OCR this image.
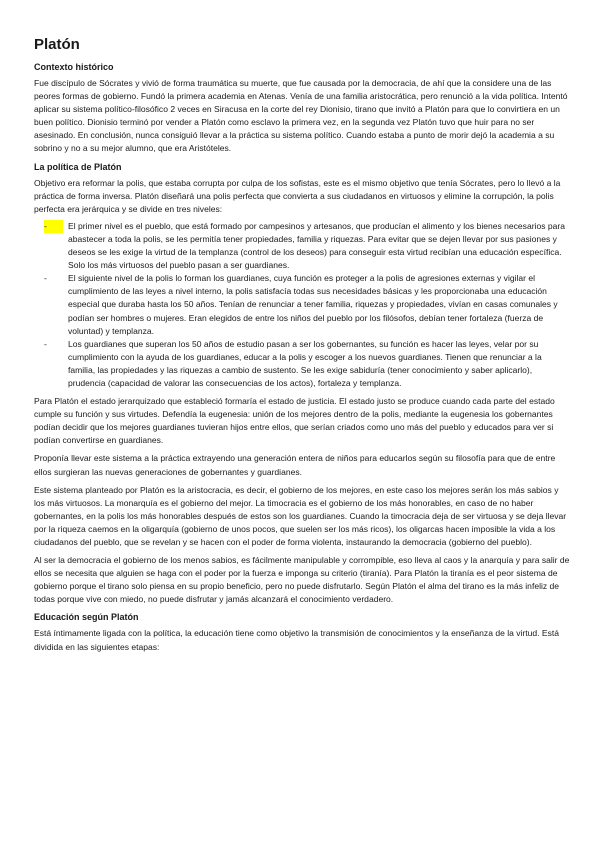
Platón
Contexto histórico

Fue discípulo de Sócrates y vivió de forma traumática su muerte, que fue causada por la democracia, de ahí que la considere una de las peores formas de gobierno. Fundó la primera academia en Atenas. Venía de una familia aristocrática, pero renunció a la vida política. Intentó aplicar su sistema político-filosófico 2 veces en Siracusa en la corte del rey Dionisio, tirano que invitó a Platón para que lo convirtiera en un buen político. Dionisio terminó por vender a Platón como esclavo la primera vez, en la segunda vez Platón tuvo que huir para no ser asesinado. En conclusión, nunca consiguió llevar a la práctica su sistema político. Cuando estaba a punto de morir dejó la academia a su sobrino y no a su mejor alumno, que era Aristóteles.

La política de Platón

Objetivo era reformar la polis, que estaba corrupta por culpa de los sofistas, este es el mismo objetivo que tenía Sócrates, pero lo llevó a la práctica de forma inversa. Platón diseñará una polis perfecta que convierta a sus ciudadanos en virtuosos y elimine la corrupción, la polis perfecta era jerárquica y se divide en tres niveles:

-	El primer nivel es el pueblo, que está formado por campesinos y artesanos, que producían el alimento y los bienes necesarios para abastecer a toda la polis, se les permitía tener propiedades, familia y riquezas. Para evitar que se dejen llevar por sus pasiones y deseos se les exige la virtud de la templanza (control de los deseos) para conseguir esta virtud recibían una educación específica. Solo los más virtuosos del pueblo pasan a ser guardianes.
-	El siguiente nivel de la polis lo forman los guardianes, cuya función es proteger a la polis de agresiones externas y vigilar el cumplimiento de las leyes a nivel interno, la polis satisfacía todas sus necesidades básicas y les proporcionaba una educación especial que duraba hasta los 50 años. Tenían de renunciar a tener familia, riquezas y propiedades, vivían en casas comunales y podían ser hombres o mujeres. Eran elegidos de entre los niños del pueblo por los filósofos, debían tener fortaleza (fuerza de voluntad) y templanza.
-	Los guardianes que superan los 50 años de estudio pasan a ser los gobernantes, su función es hacer las leyes, velar por su cumplimiento con la ayuda de los guardianes, educar a la polis y escoger a los nuevos guardianes. Tienen que renunciar a la familia, las propiedades y las riquezas a cambio de sustento. Se les exige sabiduría (tener conocimiento y saber aplicarlo), prudencia (capacidad de valorar las consecuencias de los actos), fortaleza y templanza.

Para Platón el estado jerarquizado que estableció formaría el estado de justicia. El estado justo se produce cuando cada parte del estado cumple su función y sus virtudes. Defendía la eugenesia: unión de los mejores dentro de la polis, mediante la eugenesia los gobernantes podían decidir que los mejores guardianes tuvieran hijos entre ellos, que serían criados como uno más del pueblo y educados para ver si podían convertirse en guardianes.

Proponía llevar este sistema a la práctica extrayendo una generación entera de niños para educarlos según su filosofía para que de entre ellos surgieran las nuevas generaciones de gobernantes y guardianes.

Este sistema planteado por Platón es la aristocracia, es decir, el gobierno de los mejores, en este caso los mejores serán los más sabios y los más virtuosos. La monarquía es el gobierno del mejor. La timocracia es el gobierno de los más honorables, en caso de no haber gobernantes, en la polis los más honorables después de estos son los guardianes. Cuando la timocracia deja de ser virtuosa y se deja llevar por la riqueza caemos en la oligarquía (gobierno de unos pocos, que suelen ser los más ricos), los oligarcas hacen imposible la vida a los ciudadanos del pueblo, que se revelan y se hacen con el poder de forma violenta, instaurando la democracia (gobierno del pueblo).

Al ser la democracia el gobierno de los menos sabios, es fácilmente manipulable y corrompible, eso lleva al caos y la anarquía y para salir de ellos se necesita que alguien se haga con el poder por la fuerza e imponga su criterio (tiranía). Para Platón la tiranía es el peor sistema de gobierno porque el tirano solo piensa en su propio beneficio, pero no puede disfrutarlo. Según Platón el alma del tirano es la más infeliz de todas porque vive con miedo, no puede disfrutar y jamás alcanzará el conocimiento verdadero.

Educación según Platón

Está íntimamente ligada con la política, la educación tiene como objetivo la transmisión de conocimientos y la enseñanza de la virtud. Está dividida en las siguientes etapas:
